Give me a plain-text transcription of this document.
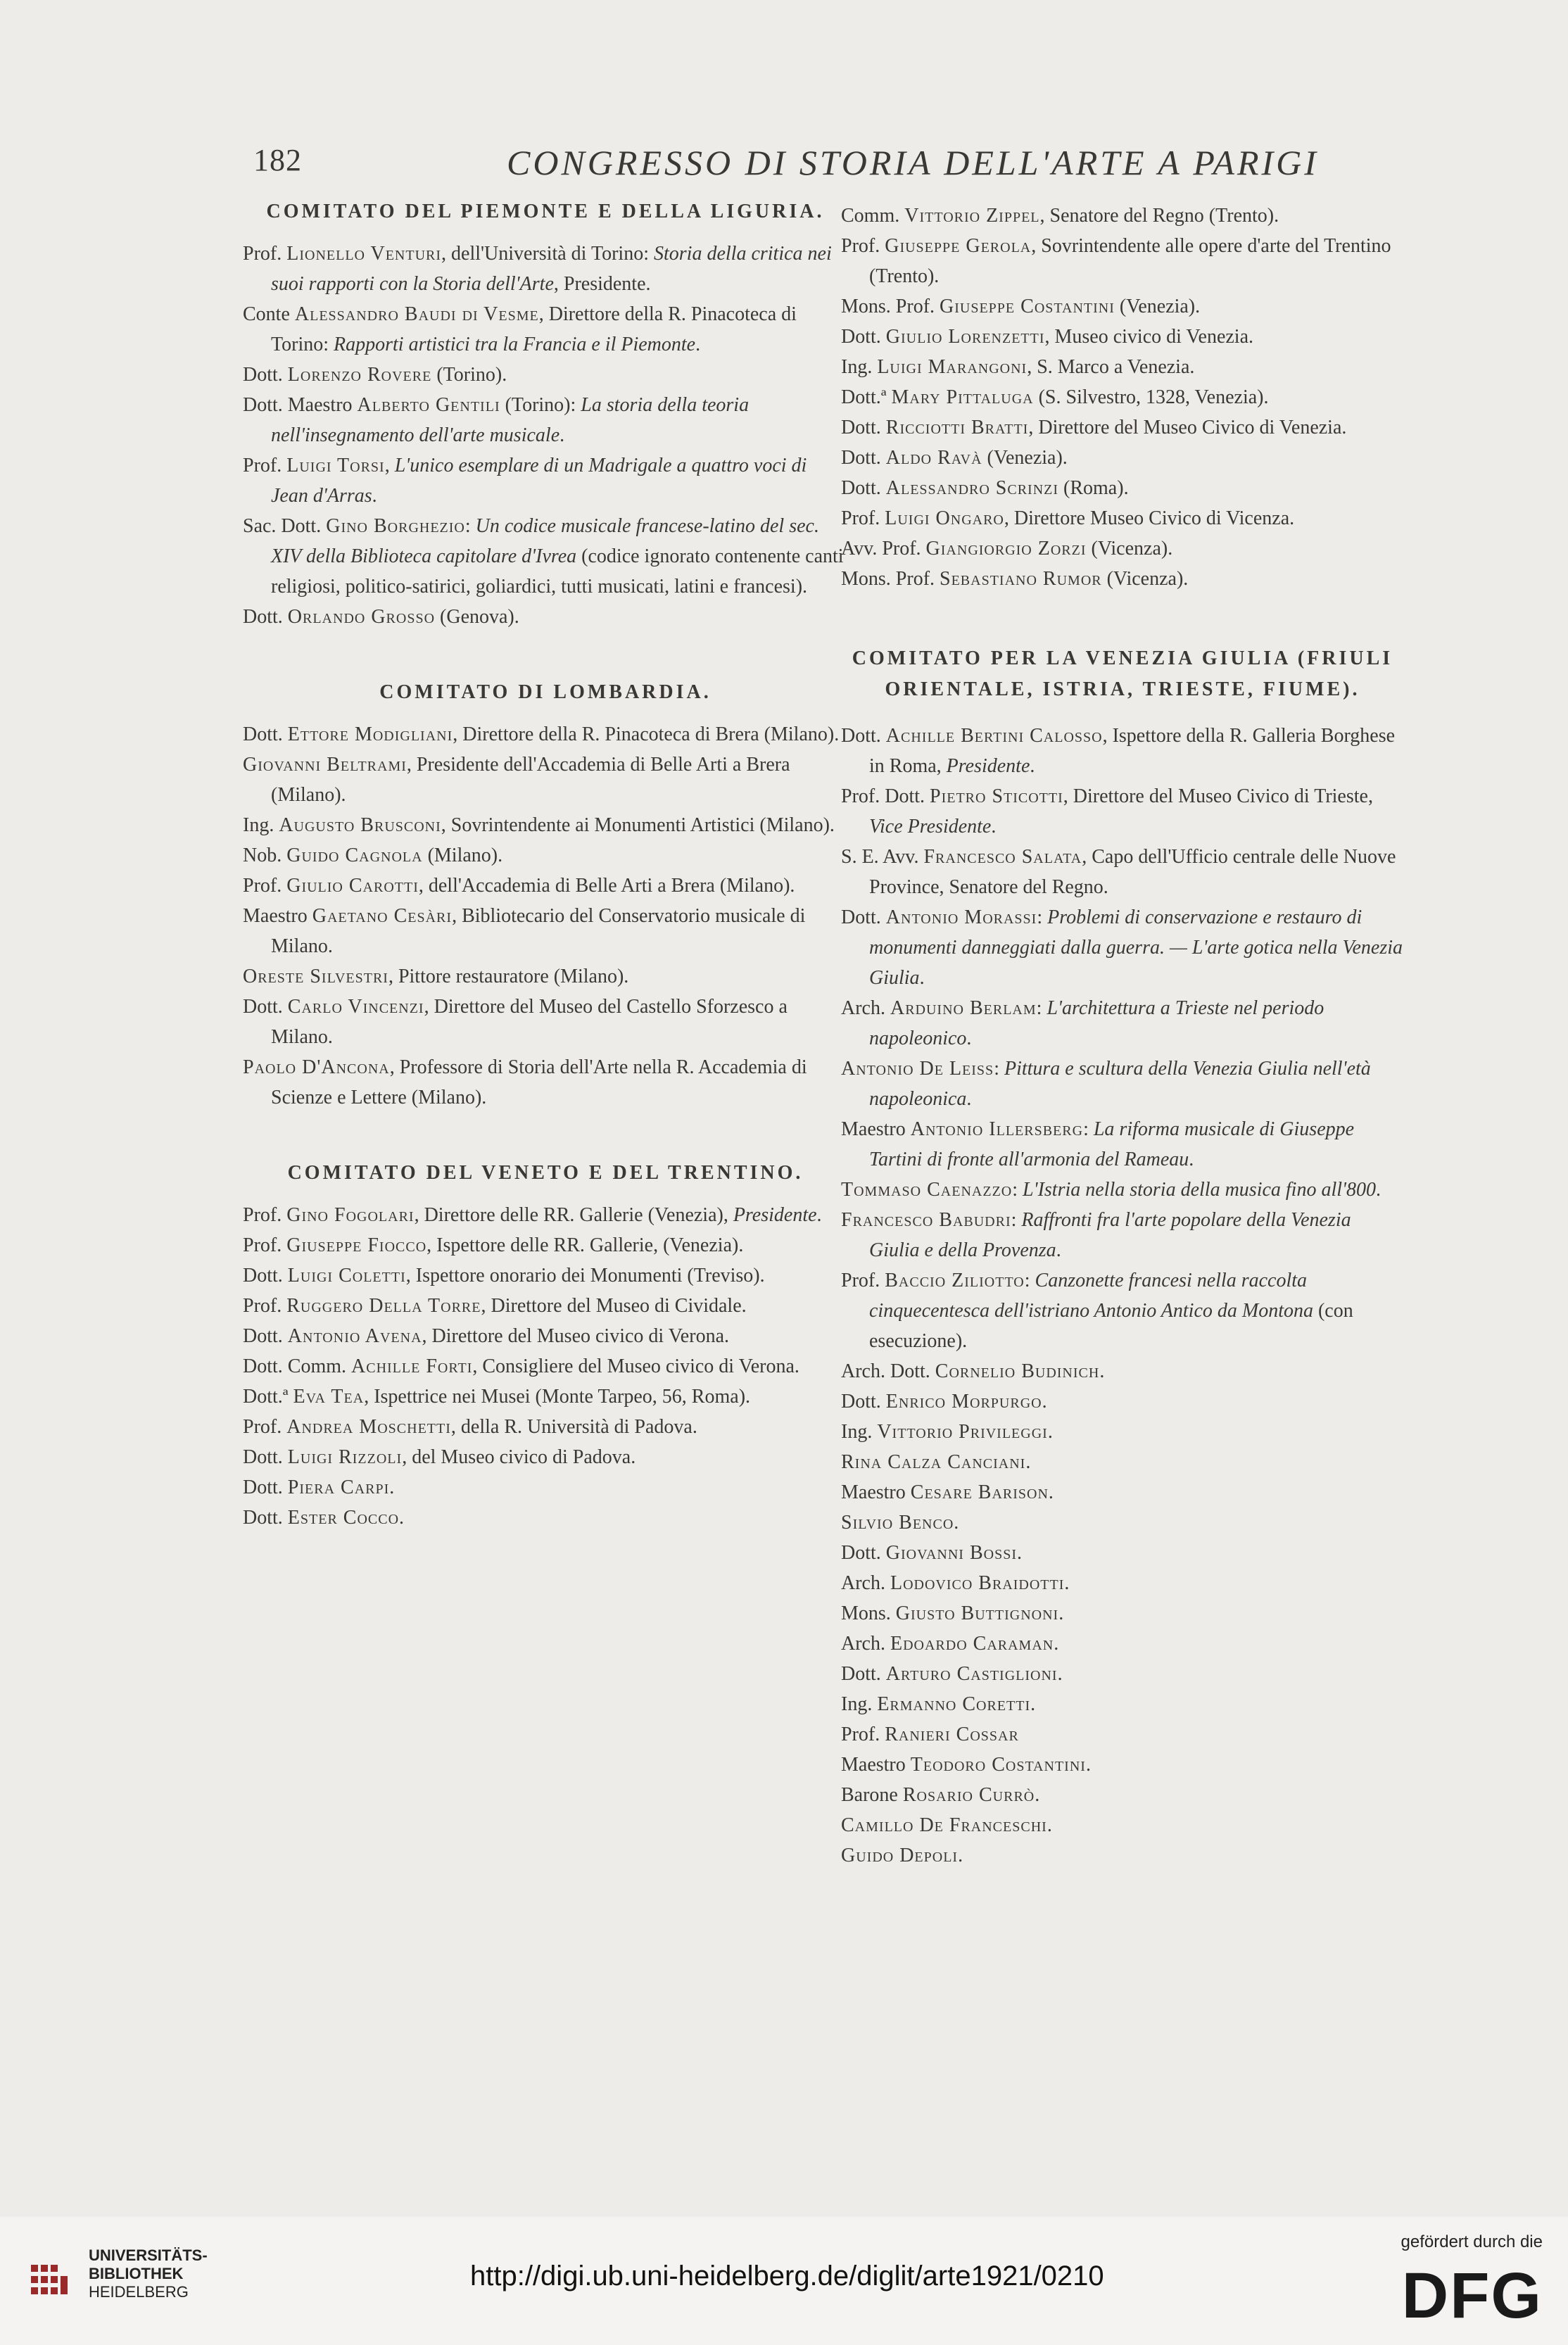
182	CONGRESSO DI STORIA DELL'ARTE A PARIGI
COMITATO DEL PIEMONTE E DELLA LIGURIA.

Prof. Lionello Venturi, dell'Università di Torino: Storia della critica nei suoi rapporti con la Storia dell'Arte, Presidente.

Conte Alessandro Baudi di Vesme, Direttore della R. Pinacoteca di Torino: Rapporti artistici tra la Francia e il Piemonte.

Dott. Lorenzo Rovere (Torino).

Dott. Maestro Alberto Gentili (Torino): La storia della teoria nell'insegnamento dell'arte musicale.

Prof. Luigi Torsi, L'unico esemplare di un Madrigale a quattro voci di Jean d'Arras.

Sac. Dott. Gino Borghezio: Un codice musicale francese-latino del sec. XIV della Biblioteca capitolare d'Ivrea (codice ignorato contenente canti religiosi, politico-satirici, goliardici, tutti musicati, latini e francesi).

Dott. Orlando Grosso (Genova).

COMITATO DI LOMBARDIA.

Dott. Ettore Modigliani, Direttore della R. Pinacoteca di Brera (Milano).

Giovanni Beltrami, Presidente dell'Accademia di Belle Arti a Brera (Milano).

Ing. Augusto Brusconi, Sovrintendente ai Monumenti Artistici (Milano).

Nob. Guido Cagnola (Milano).

Prof. Giulio Carotti, dell'Accademia di Belle Arti a Brera (Milano).

Maestro Gaetano Cesàri, Bibliotecario del Conservatorio musicale di Milano.

Oreste Silvestri, Pittore restauratore (Milano).

Dott. Carlo Vincenzi, Direttore del Museo del Castello Sforzesco a Milano.

Paolo D'Ancona, Professore di Storia dell'Arte nella R. Accademia di Scienze e Lettere (Milano).

COMITATO DEL VENETO E DEL TRENTINO.

Prof. Gino Fogolari, Direttore delle RR. Gallerie (Venezia), Presidente.

Prof. Giuseppe Fiocco, Ispettore delle RR. Gallerie, (Venezia).

Dott. Luigi Coletti, Ispettore onorario dei Monumenti (Treviso).

Prof. Ruggero Della Torre, Direttore del Museo di Cividale.

Dott. Antonio Avena, Direttore del Museo civico di Verona.

Dott. Comm. Achille Forti, Consigliere del Museo civico di Verona.

Dott.ª Eva Tea, Ispettrice nei Musei (Monte Tarpeo, 56, Roma).

Prof. Andrea Moschetti, della R. Università di Padova.

Dott. Luigi Rizzoli, del Museo civico di Padova.

Dott. Piera Carpi.

Dott. Ester Cocco.

Comm. Vittorio Zippel, Senatore del Regno (Trento).

Prof. Giuseppe Gerola, Sovrintendente alle opere d'arte del Trentino (Trento).

Mons. Prof. Giuseppe Costantini (Venezia).

Dott. Giulio Lorenzetti, Museo civico di Venezia.

Ing. Luigi Marangoni, S. Marco a Venezia.

Dott.ª Mary Pittaluga (S. Silvestro, 1328, Venezia).

Dott. Ricciotti Bratti, Direttore del Museo Civico di Venezia.

Dott. Aldo Ravà (Venezia).

Dott. Alessandro Scrinzi (Roma).

Prof. Luigi Ongaro, Direttore Museo Civico di Vicenza.

Avv. Prof. Giangiorgio Zorzi (Vicenza).

Mons. Prof. Sebastiano Rumor (Vicenza).

COMITATO PER LA VENEZIA GIULIA (FRIULI ORIENTALE, ISTRIA, TRIESTE, FIUME).

Dott. Achille Bertini Calosso, Ispettore della R. Galleria Borghese in Roma, Presidente.

Prof. Dott. Pietro Sticotti, Direttore del Museo Civico di Trieste, Vice Presidente.

S. E. Avv. Francesco Salata, Capo dell'Ufficio centrale delle Nuove Province, Senatore del Regno.

Dott. Antonio Morassi: Problemi di conservazione e restauro di monumenti danneggiati dalla guerra. — L'arte gotica nella Venezia Giulia.

Arch. Arduino Berlam: L'architettura a Trieste nel periodo napoleonico.

Antonio De Leiss: Pittura e scultura della Venezia Giulia nell'età napoleonica.

Maestro Antonio Illersberg: La riforma musicale di Giuseppe Tartini di fronte all'armonia del Rameau.

Tommaso Caenazzo: L'Istria nella storia della musica fino all'800.

Francesco Babudri: Raffronti fra l'arte popolare della Venezia Giulia e della Provenza.

Prof. Baccio Ziliotto: Canzonette francesi nella raccolta cinquecentesca dell'istriano Antonio Antico da Montona (con esecuzione).

Arch. Dott. Cornelio Budinich.

Dott. Enrico Morpurgo.

Ing. Vittorio Privileggi.

Rina Calza Canciani.

Maestro Cesare Barison.

Silvio Benco.

Dott. Giovanni Bossi.

Arch. Lodovico Braidotti.

Mons. Giusto Buttignoni.

Arch. Edoardo Caraman.

Dott. Arturo Castiglioni.

Ing. Ermanno Coretti.

Prof. Ranieri Cossar

Maestro Teodoro Costantini.

Barone Rosario Currò.

Camillo De Franceschi.

Guido Depoli.

UNIVERSITÄTS-
BIBLIOTHEK
HEIDELBERG
http://digi.ub.uni-heidelberg.de/diglit/arte1921/0210
gefördert durch die
DFG
